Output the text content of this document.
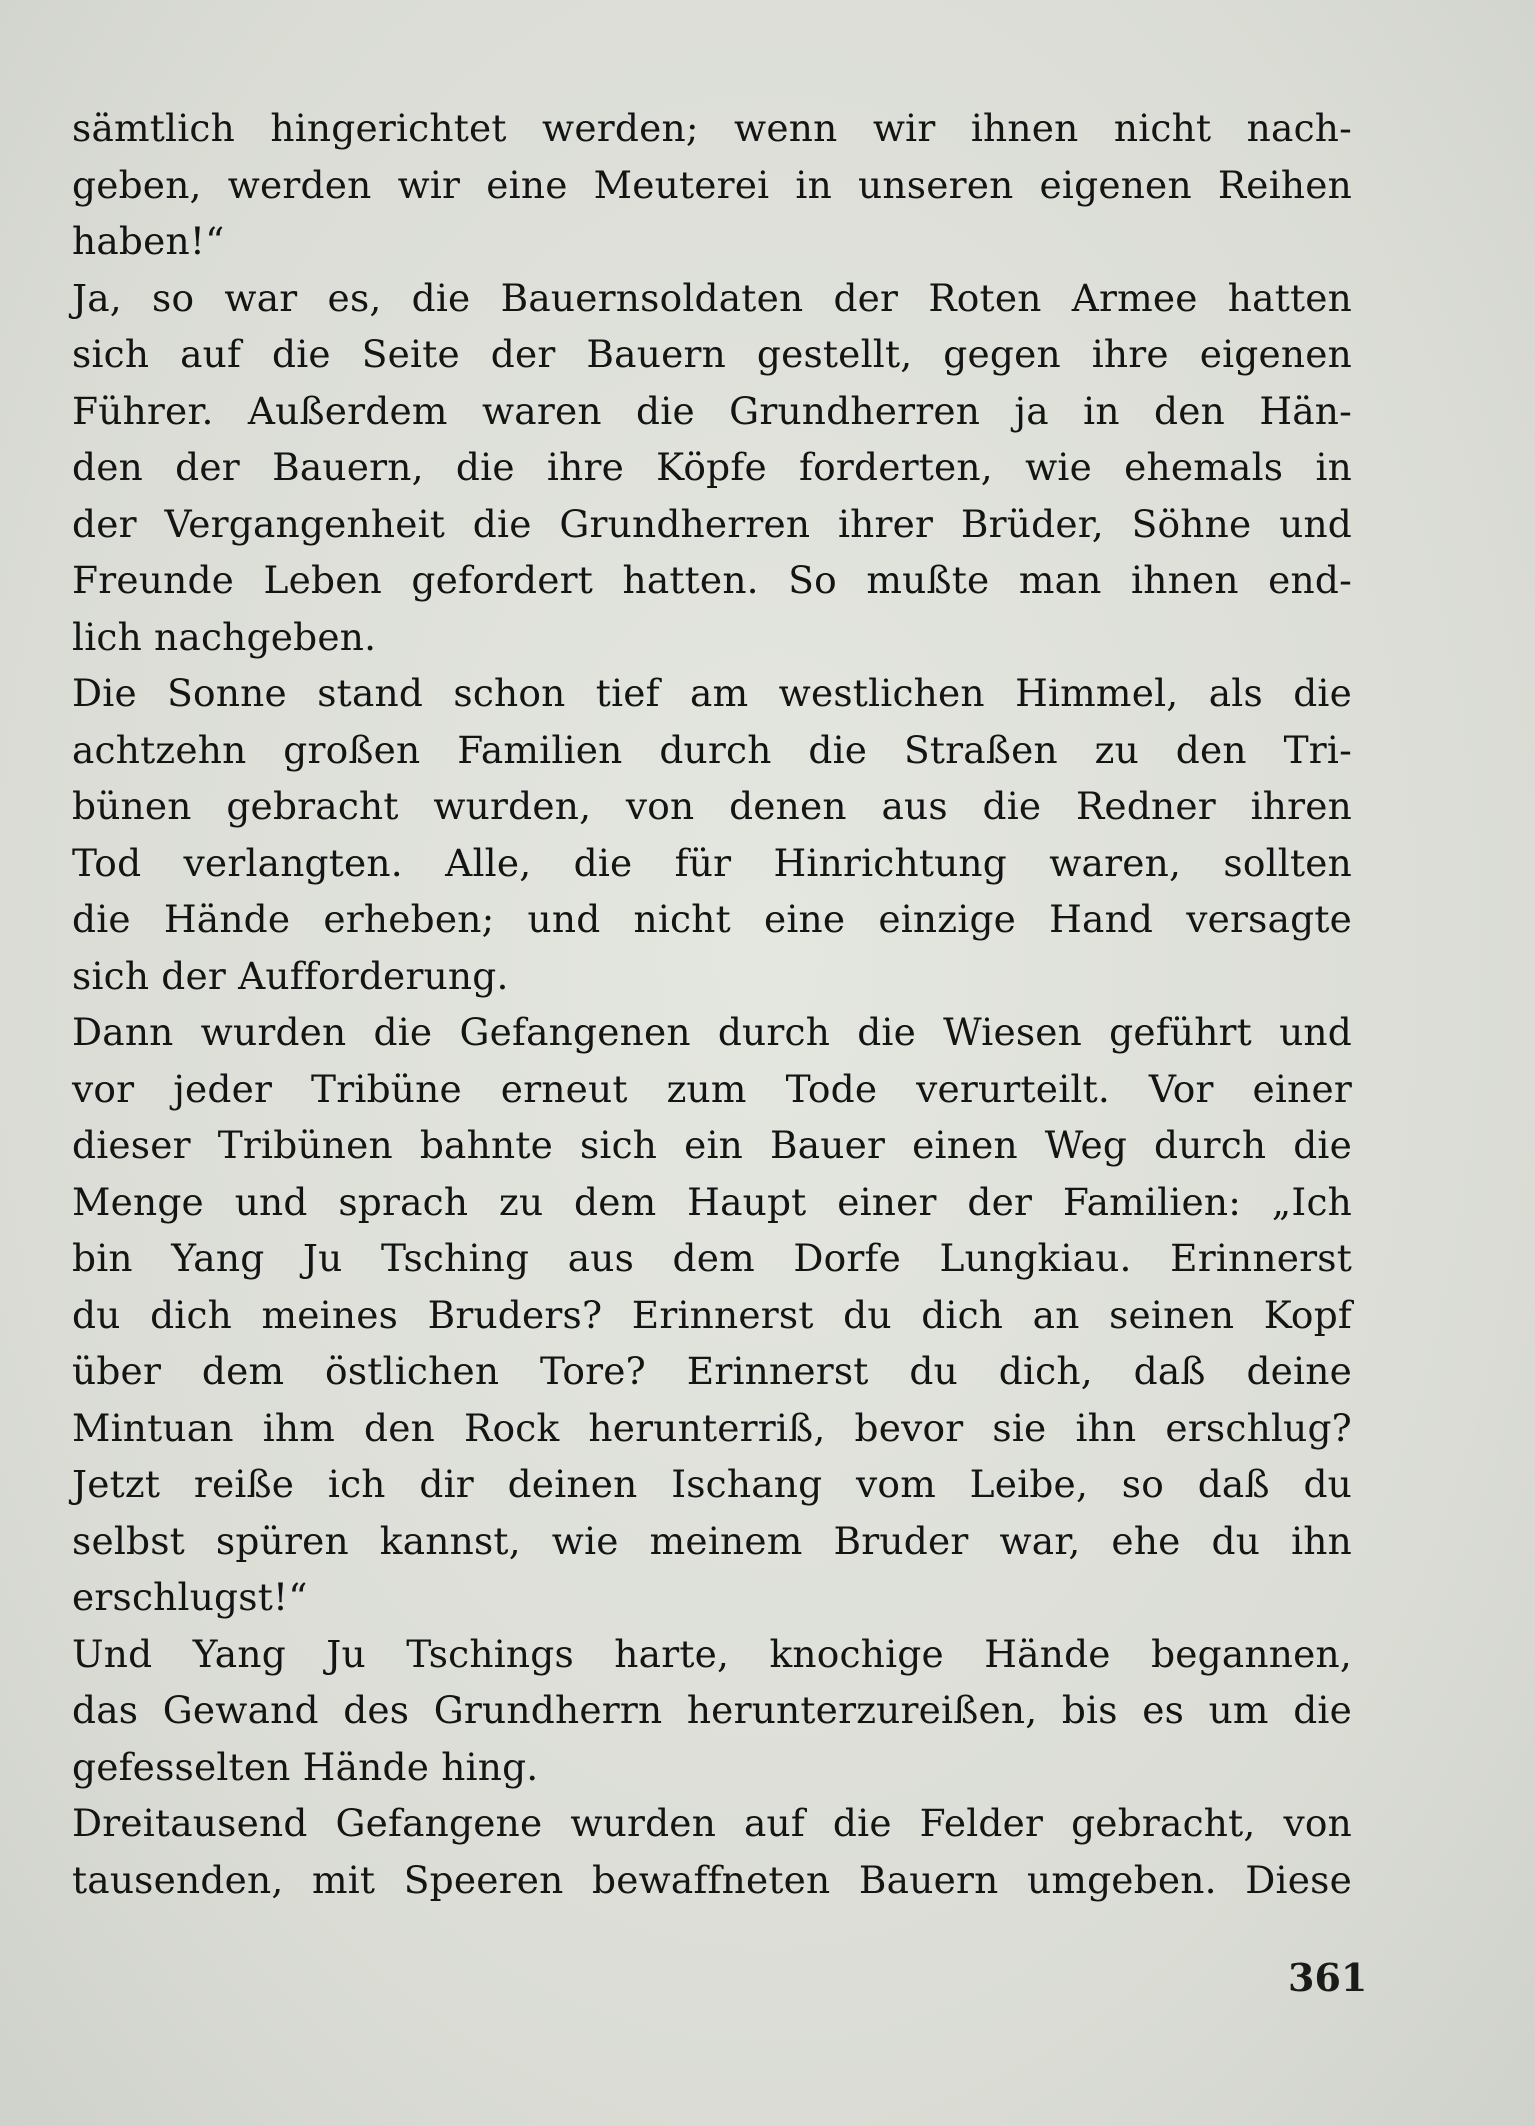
sämtlich hingerichtet werden; wenn wir ihnen nicht nach-
geben, werden wir eine Meuterei in unseren eigenen Reihen
haben!“
Ja, so war es, die Bauernsoldaten der Roten Armee hatten
sich auf die Seite der Bauern gestellt, gegen ihre eigenen
Führer. Außerdem waren die Grundherren ja in den Hän-
den der Bauern, die ihre Köpfe forderten, wie ehemals in
der Vergangenheit die Grundherren ihrer Brüder, Söhne und
Freunde Leben gefordert hatten. So mußte man ihnen end-
lich nachgeben.
Die Sonne stand schon tief am westlichen Himmel, als die
achtzehn großen Familien durch die Straßen zu den Tri-
bünen gebracht wurden, von denen aus die Redner ihren
Tod verlangten. Alle, die für Hinrichtung waren, sollten
die Hände erheben; und nicht eine einzige Hand versagte
sich der Aufforderung.
Dann wurden die Gefangenen durch die Wiesen geführt und
vor jeder Tribüne erneut zum Tode verurteilt. Vor einer
dieser Tribünen bahnte sich ein Bauer einen Weg durch die
Menge und sprach zu dem Haupt einer der Familien: „Ich
bin Yang Ju Tsching aus dem Dorfe Lungkiau. Erinnerst
du dich meines Bruders? Erinnerst du dich an seinen Kopf
über dem östlichen Tore? Erinnerst du dich, daß deine
Mintuan ihm den Rock herunterriß, bevor sie ihn erschlug?
Jetzt reiße ich dir deinen Ischang vom Leibe, so daß du
selbst spüren kannst, wie meinem Bruder war, ehe du ihn
erschlugst!“
Und Yang Ju Tschings harte, knochige Hände begannen,
das Gewand des Grundherrn herunterzureißen, bis es um die
gefesselten Hände hing.
Dreitausend Gefangene wurden auf die Felder gebracht, von
tausenden, mit Speeren bewaffneten Bauern umgeben. Diese
361
